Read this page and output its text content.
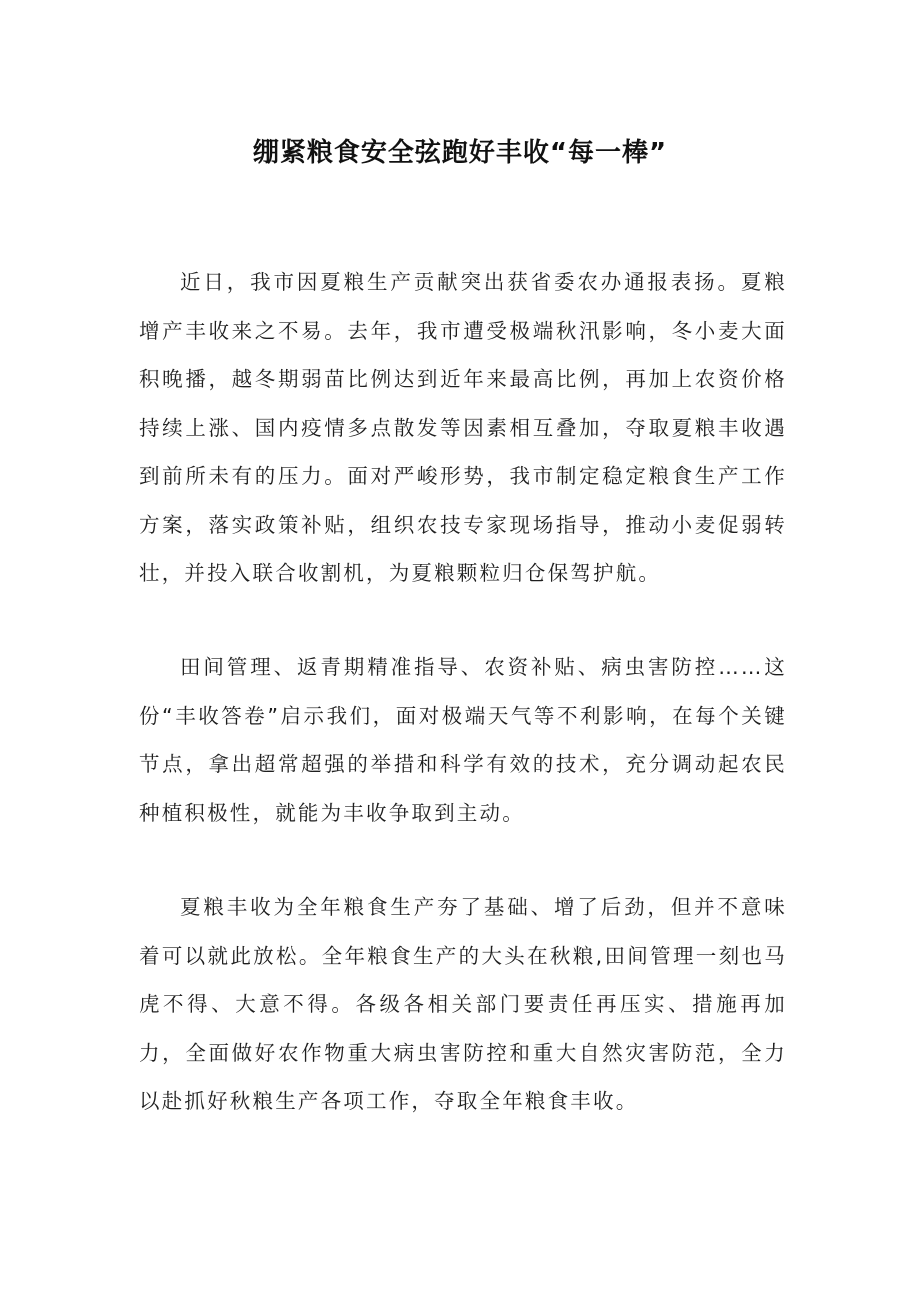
绷紧粮食安全弦跑好丰收“每一棒”

近日，我市因夏粮生产贡献突出获省委农办通报表扬。夏粮增产丰收来之不易。去年，我市遭受极端秋汛影响，冬小麦大面积晚播，越冬期弱苗比例达到近年来最高比例，再加上农资价格持续上涨、国内疫情多点散发等因素相互叠加，夺取夏粮丰收遇到前所未有的压力。面对严峻形势，我市制定稳定粮食生产工作方案，落实政策补贴，组织农技专家现场指导，推动小麦促弱转壮，并投入联合收割机，为夏粮颗粒归仓保驾护航。

田间管理、返青期精准指导、农资补贴、病虫害防控……这份“丰收答卷”启示我们，面对极端天气等不利影响，在每个关键节点，拿出超常超强的举措和科学有效的技术，充分调动起农民种植积极性，就能为丰收争取到主动。

夏粮丰收为全年粮食生产夯了基础、增了后劲，但并不意味着可以就此放松。全年粮食生产的大头在秋粮,田间管理一刻也马虎不得、大意不得。各级各相关部门要责任再压实、措施再加力，全面做好农作物重大病虫害防控和重大自然灾害防范，全力以赴抓好秋粮生产各项工作，夺取全年粮食丰收。
